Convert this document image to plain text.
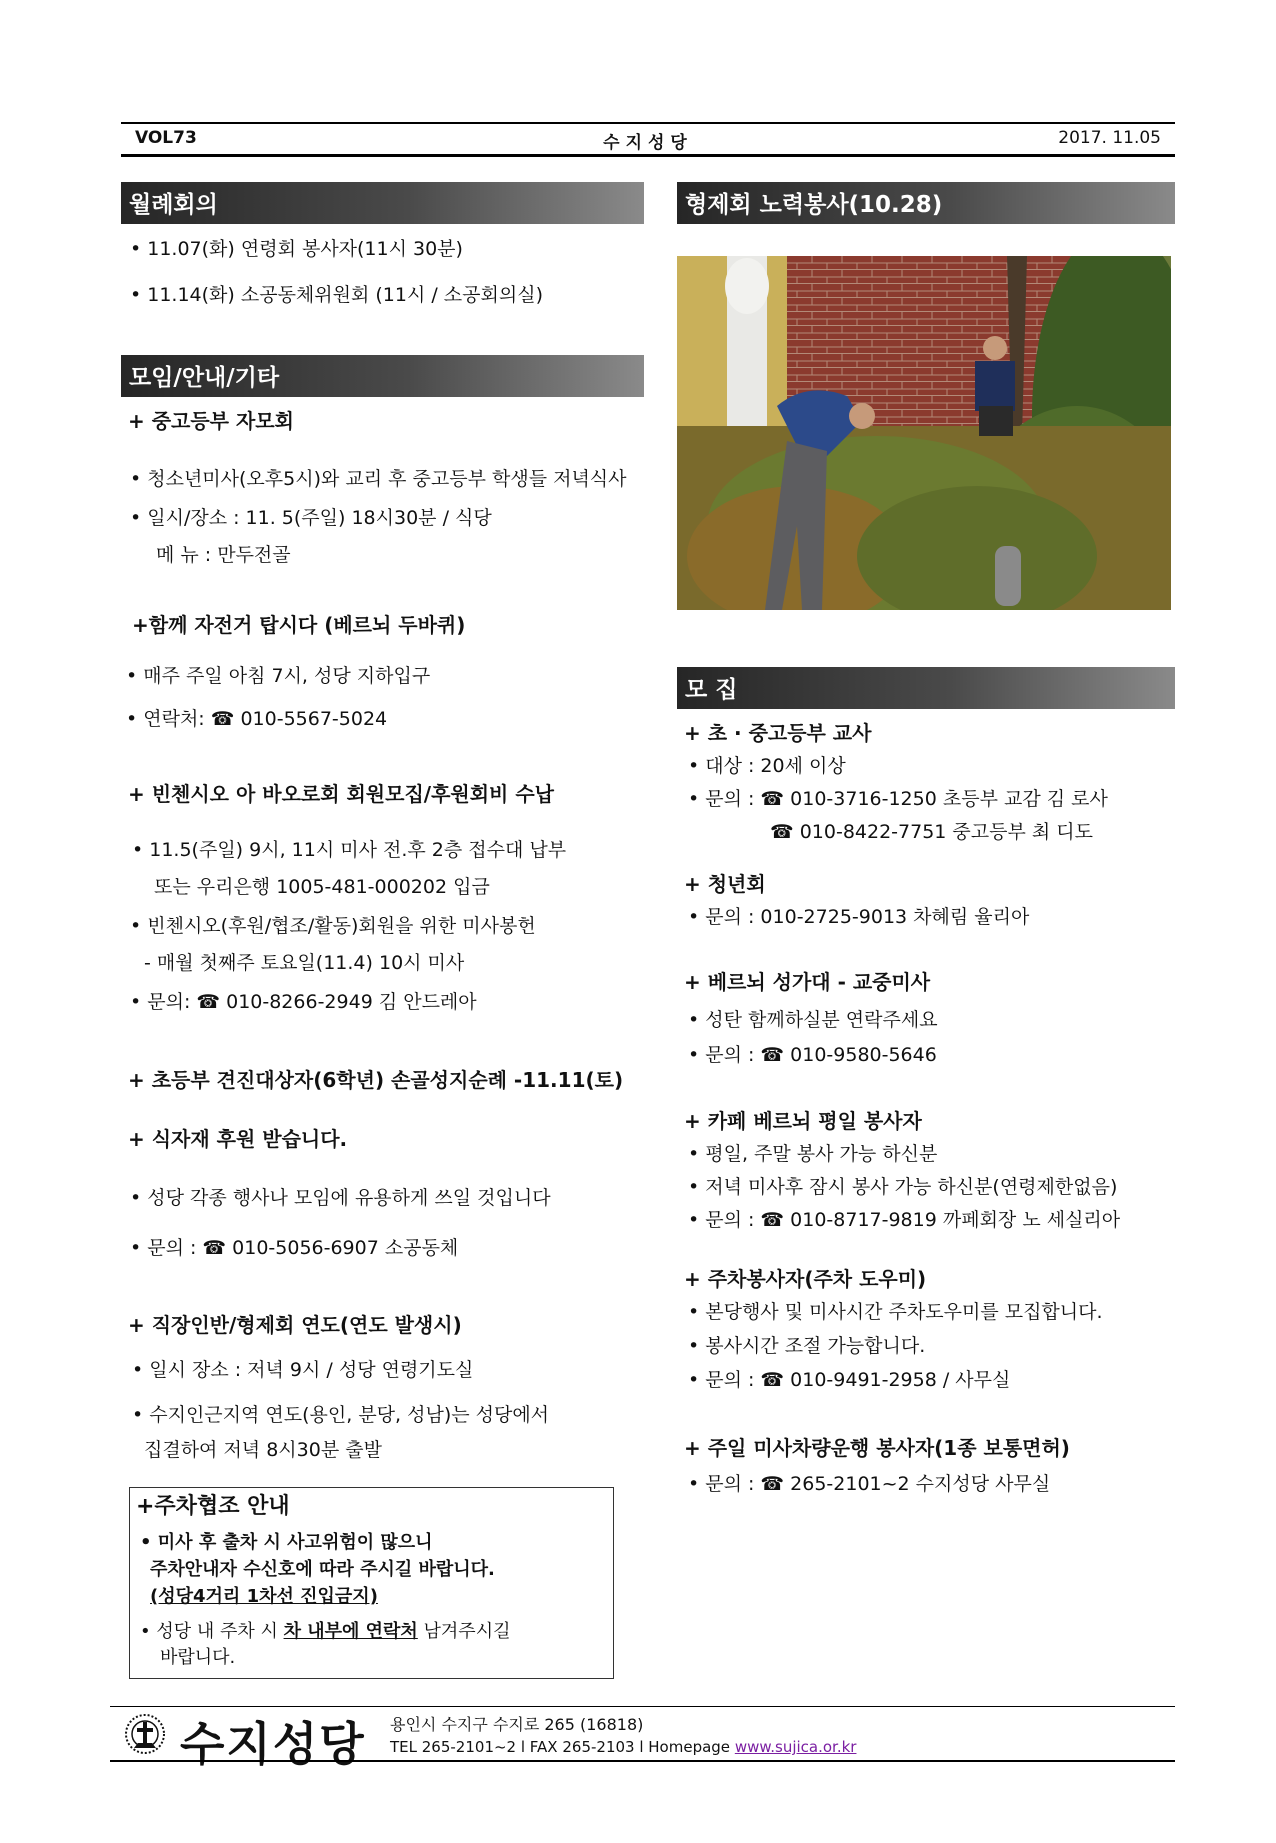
VOL73	수지성당	2017. 11.05
월례회의
• 11.07(화) 연령회 봉사자(11시 30분)
• 11.14(화) 소공동체위원회 (11시 / 소공회의실)
모임/안내/기타
+ 중고등부 자모회
• 청소년미사(오후5시)와 교리 후 중고등부 학생들 저녁식사
• 일시/장소 : 11. 5(주일) 18시30분 / 식당
메 뉴 : 만두전골
+함께 자전거 탑시다 (베르뇌 두바퀴)
• 매주 주일 아침 7시, 성당 지하입구
• 연락처: ☎ 010-5567-5024
+ 빈첸시오 아 바오로회 회원모집/후원회비 수납
• 11.5(주일) 9시, 11시 미사 전.후 2층 접수대 납부
또는 우리은행 1005-481-000202 입금
• 빈첸시오(후원/협조/활동)회원을 위한 미사봉헌
- 매월 첫째주 토요일(11.4) 10시 미사
• 문의: ☎ 010-8266-2949 김 안드레아
+ 초등부 견진대상자(6학년) 손골성지순례 -11.11(토)
+ 식자재 후원 받습니다.
• 성당 각종 행사나 모임에 유용하게 쓰일 것입니다
• 문의 : ☎ 010-5056-6907 소공동체
+ 직장인반/형제회 연도(연도 발생시)
• 일시 장소 : 저녁 9시 / 성당 연령기도실
• 수지인근지역 연도(용인, 분당, 성남)는 성당에서
집결하여 저녁 8시30분 출발
+주차협조 안내
• 미사 후 출차 시 사고위험이 많으니
주차안내자 수신호에 따라 주시길 바랍니다.
(성당4거리 1차선 진입금지)
• 성당 내 주차 시 차 내부에 연락처 남겨주시길
바랍니다.
형제회 노력봉사(10.28)
모 집
+ 초 · 중고등부 교사
• 대상 : 20세 이상
• 문의 : ☎ 010-3716-1250 초등부 교감 김 로사
☎ 010-8422-7751 중고등부 최 디도
+ 청년회
• 문의 : 010-2725-9013 차혜림 율리아
+ 베르뇌 성가대 - 교중미사
• 성탄 함께하실분 연락주세요
• 문의 : ☎ 010-9580-5646
+ 카페 베르뇌 평일 봉사자
• 평일, 주말 봉사 가능 하신분
• 저녁 미사후 잠시 봉사 가능 하신분(연령제한없음)
• 문의 : ☎ 010-8717-9819 까페회장 노 세실리아
+ 주차봉사자(주차 도우미)
• 본당행사 및 미사시간 주차도우미를 모집합니다.
• 봉사시간 조절 가능합니다.
• 문의 : ☎ 010-9491-2958 / 사무실
+ 주일 미사차량운행 봉사자(1종 보통면허)
• 문의 : ☎ 265-2101~2 수지성당 사무실
수지성당 용인시 수지구 수지로 265 (16818)
TEL 265-2101~2 l FAX 265-2103 l Homepage www.sujica.or.kr
